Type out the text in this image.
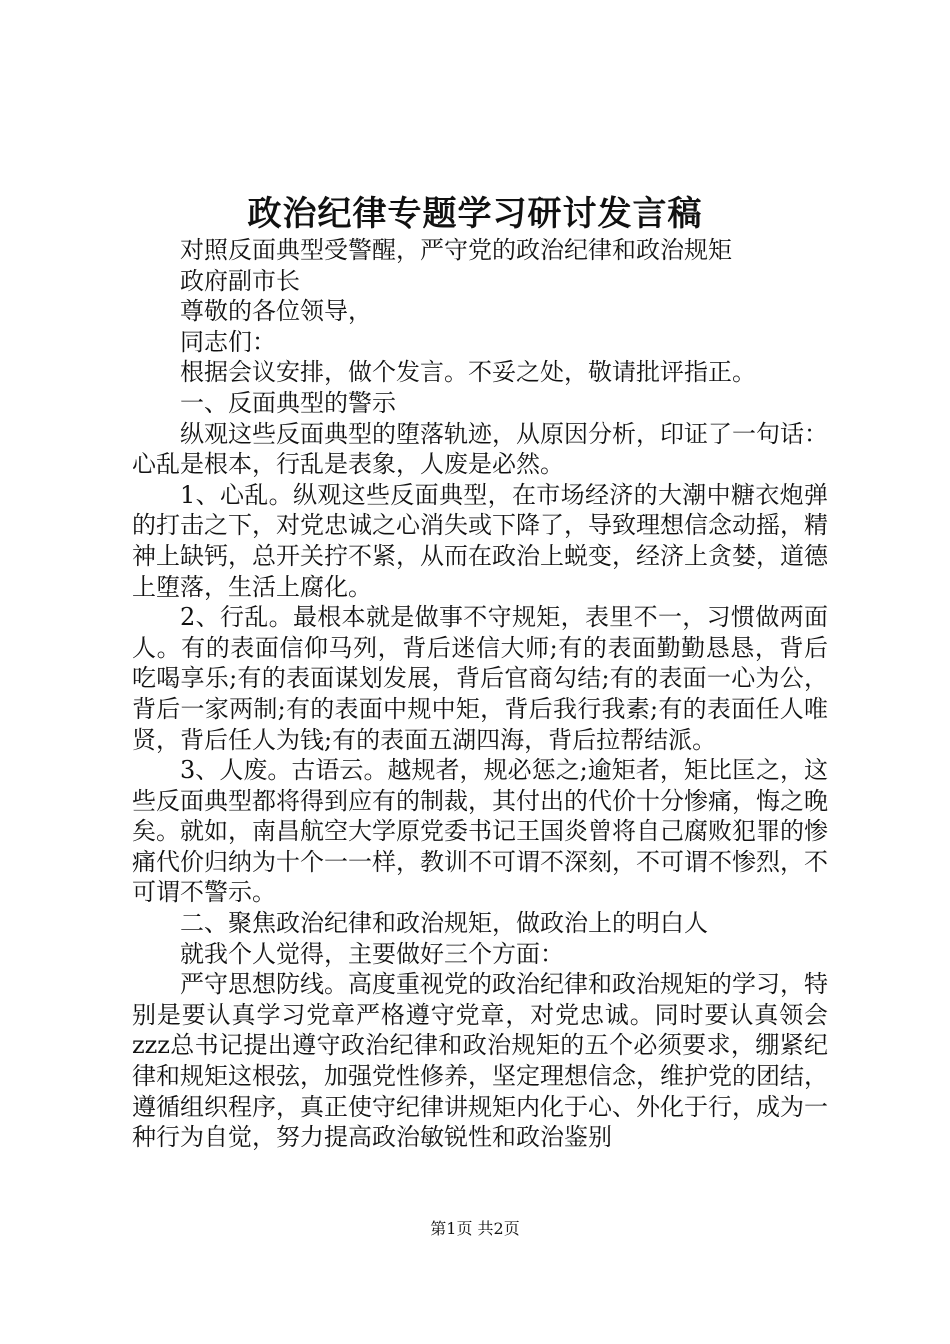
政治纪律专题学习研讨发言稿

对照反面典型受警醒，严守党的政治纪律和政治规矩

政府副市长

尊敬的各位领导，

同志们：

根据会议安排，做个发言。不妥之处，敬请批评指正。

一、反面典型的警示

纵观这些反面典型的堕落轨迹，从原因分析，印证了一句话：心乱是根本，行乱是表象，人废是必然。

1、心乱。纵观这些反面典型，在市场经济的大潮中糖衣炮弹的打击之下，对党忠诚之心消失或下降了，导致理想信念动摇，精神上缺钙，总开关拧不紧，从而在政治上蜕变，经济上贪婪，道德上堕落，生活上腐化。

2、行乱。最根本就是做事不守规矩，表里不一，习惯做两面人。有的表面信仰马列，背后迷信大师;有的表面勤勤恳恳，背后吃喝享乐;有的表面谋划发展，背后官商勾结;有的表面一心为公，背后一家两制;有的表面中规中矩，背后我行我素;有的表面任人唯贤，背后任人为钱;有的表面五湖四海，背后拉帮结派。

3、人废。古语云。越规者，规必惩之;逾矩者，矩比匡之，这些反面典型都将得到应有的制裁，其付出的代价十分惨痛，悔之晚矣。就如，南昌航空大学原党委书记王国炎曾将自己腐败犯罪的惨痛代价归纳为十个一一样，教训不可谓不深刻，不可谓不惨烈，不可谓不警示。

二、聚焦政治纪律和政治规矩，做政治上的明白人

就我个人觉得，主要做好三个方面：

严守思想防线。高度重视党的政治纪律和政治规矩的学习，特别是要认真学习党章严格遵守党章，对党忠诚。同时要认真领会zzz总书记提出遵守政治纪律和政治规矩的五个必须要求，绷紧纪律和规矩这根弦，加强党性修养，坚定理想信念，维护党的团结，遵循组织程序，真正使守纪律讲规矩内化于心、外化于行，成为一种行为自觉，努力提高政治敏锐性和政治鉴别

第1页 共2页
